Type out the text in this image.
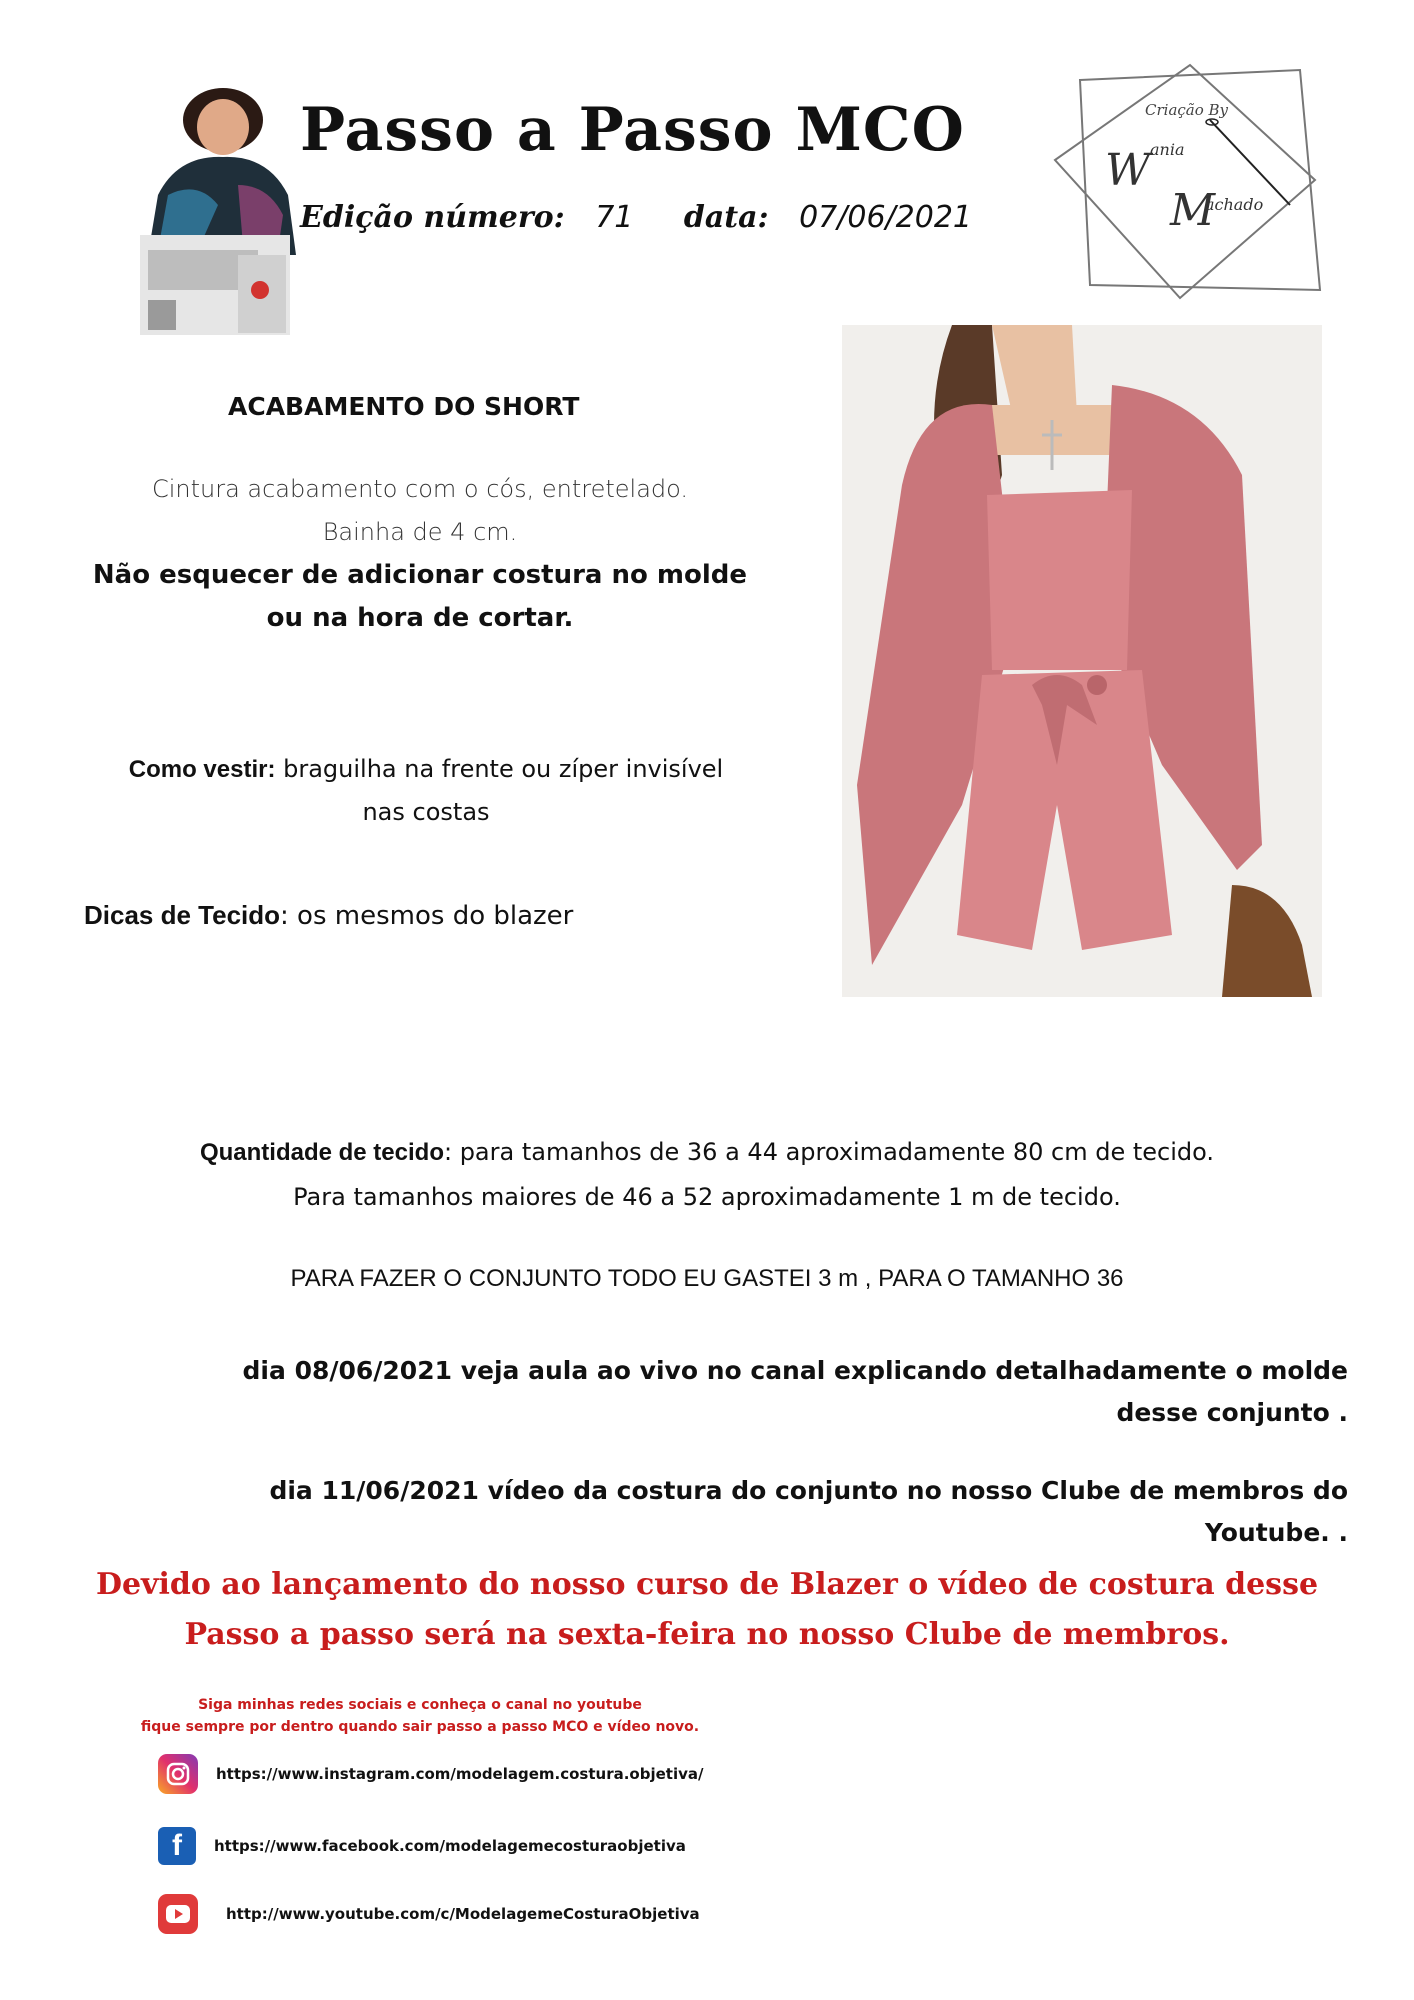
Passo a Passo MCO
Edição número: 71 data: 07/06/2021
Criação By
W ania
M
achado
ACABAMENTO DO SHORT
Cintura acabamento com o cós, entretelado.
Bainha de 4 cm.
Não esquecer de adicionar costura no molde
ou na hora de cortar.
Como vestir: braguilha na frente ou zíper invisível
nas costas
Dicas de Tecido: os mesmos do blazer
Quantidade de tecido: para tamanhos de 36 a 44 aproximadamente 80 cm de tecido.
Para tamanhos maiores de 46 a 52 aproximadamente 1 m de tecido.
PARA FAZER O CONJUNTO TODO EU GASTEI 3 m , PARA O TAMANHO 36
dia 08/06/2021 veja aula ao vivo no canal explicando detalhadamente o molde
desse conjunto .
dia 11/06/2021 vídeo da costura do conjunto no nosso Clube de membros do
Youtube. .
Devido ao lançamento do nosso curso de Blazer o vídeo de costura desse
Passo a passo será na sexta-feira no nosso Clube de membros.
Siga minhas redes sociais e conheça o canal no youtube
fique sempre por dentro quando sair passo a passo MCO e vídeo novo.
https://www.instagram.com/modelagem.costura.objetiva/
f https://www.facebook.com/modelagemecosturaobjetiva
http://www.youtube.com/c/ModelagemeCosturaObjetiva
